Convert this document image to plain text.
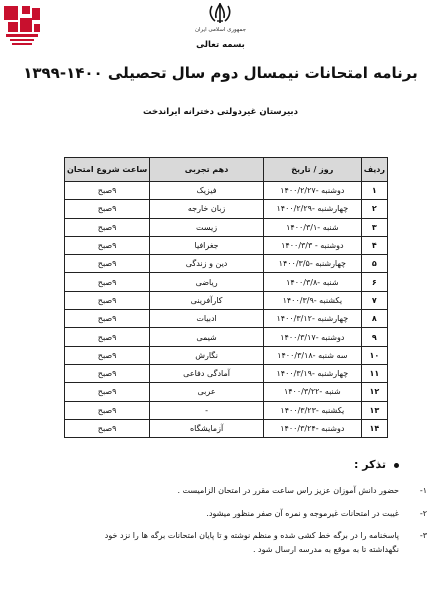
جمهوری اسلامی ایران
بسمه تعالی
برنامه امتحانات نیمسال دوم سال تحصیلی ۱۴۰۰-۱۳۹۹
دبیرستان غیردولتی دخترانه ایراندخت
ردیف	روز / تاریخ	دهم تجربی	ساعت شروع امتحان
۱	دوشنبه -۱۴۰۰/۲/۲۷	فیزیک	۹صبح
۲	چهارشنبه -۱۴۰۰/۲/۲۹	زبان خارجه	۹صبح
۳	شنبه -۱۴۰۰/۳/۱	زیست	۹صبح
۴	دوشنبه - ۱۴۰۰/۳/۳	جغرافیا	۹صبح
۵	چهارشنبه -۱۴۰۰/۳/۵	دین و زندگی	۹صبح
۶	شنبه -۱۴۰۰/۳/۸	ریاضی	۹صبح
۷	یکشنبه -۱۴۰۰/۳/۹	کارآفرینی	۹صبح
۸	چهارشنبه -۱۴۰۰/۳/۱۲	ادبیات	۹صبح
۹	دوشنبه -۱۴۰۰/۳/۱۷	شیمی	۹صبح
۱۰	سه شنبه -۱۴۰۰/۳/۱۸	نگارش	۹صبح
۱۱	چهارشنبه -۱۴۰۰/۳/۱۹	آمادگی دفاعی	۹صبح
۱۲	شنبه -۱۴۰۰/۳/۲۲	عربی	۹صبح
۱۳	یکشنبه -۱۴۰۰/۳/۲۳	-	۹صبح
۱۴	دوشنبه -۱۴۰۰/۳/۲۴	آزمایشگاه	۹صبح
تذکر :
۱-حضور دانش آموزان عزیز راس ساعت مقرر در امتحان الزامیست .
۲-غیبت در امتحانات غیرموجه و نمره آن صفر منظور میشود.
۳-پاسخنامه را در برگه خط کشی شده و منظم نوشته و تا پایان امتحانات برگه ها را نزد خود
نگهداشته تا به موقع به مدرسه ارسال شود .
